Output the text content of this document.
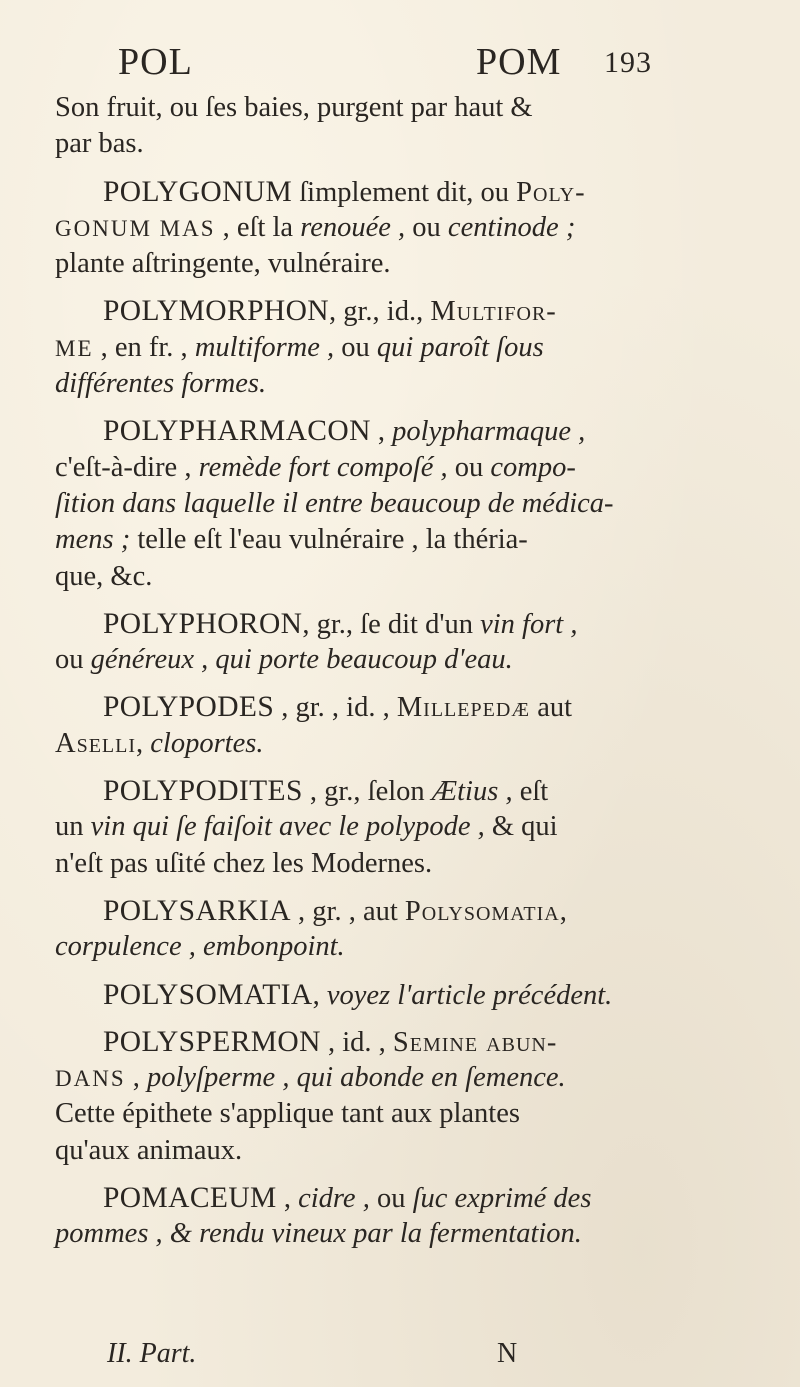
POL	POM 193
Son fruit, ou ſes baies, purgent par haut &
par bas.
POLYGONUM ſimplement dit, ou Poly-
GONUM MAS , eſt la renouée , ou centinode ;
plante aſtringente, vulnéraire.
POLYMORPHON, gr., id., Multifor-
ME , en fr. , multiforme , ou qui paroît ſous
différentes formes.
POLYPHARMACON , polypharmaque ,
c'eſt-à-dire , remède fort compoſé , ou compo-
ſition dans laquelle il entre beaucoup de médica-
mens ; telle eſt l'eau vulnéraire , la thériа-
que, &c.
POLYPHORON, gr., ſe dit d'un vin fort ,
ou généreux , qui porte beaucoup d'eau.
POLYPODES , gr. , id. , Millepedæ aut
Aselli, cloportes.
POLYPODITES , gr., ſelon Ætius , eſt
un vin qui ſe faiſoit avec le polypode , & qui
n'eſt pas uſité chez les Modernes.
POLYSARKIA , gr. , aut Polysomatia,
corpulence , embonpoint.
POLYSOMATIA, voyez l'article précédent.
POLYSPERMON , id. , Semine abun-
DANS , polyſperme , qui abonde en ſemence.
Cette épithete s'applique tant aux plantes
qu'aux animaux.
POMACEUM , cidre , ou ſuc exprimé des
pommes , & rendu vineux par la fermentation.
II. Part.	N
